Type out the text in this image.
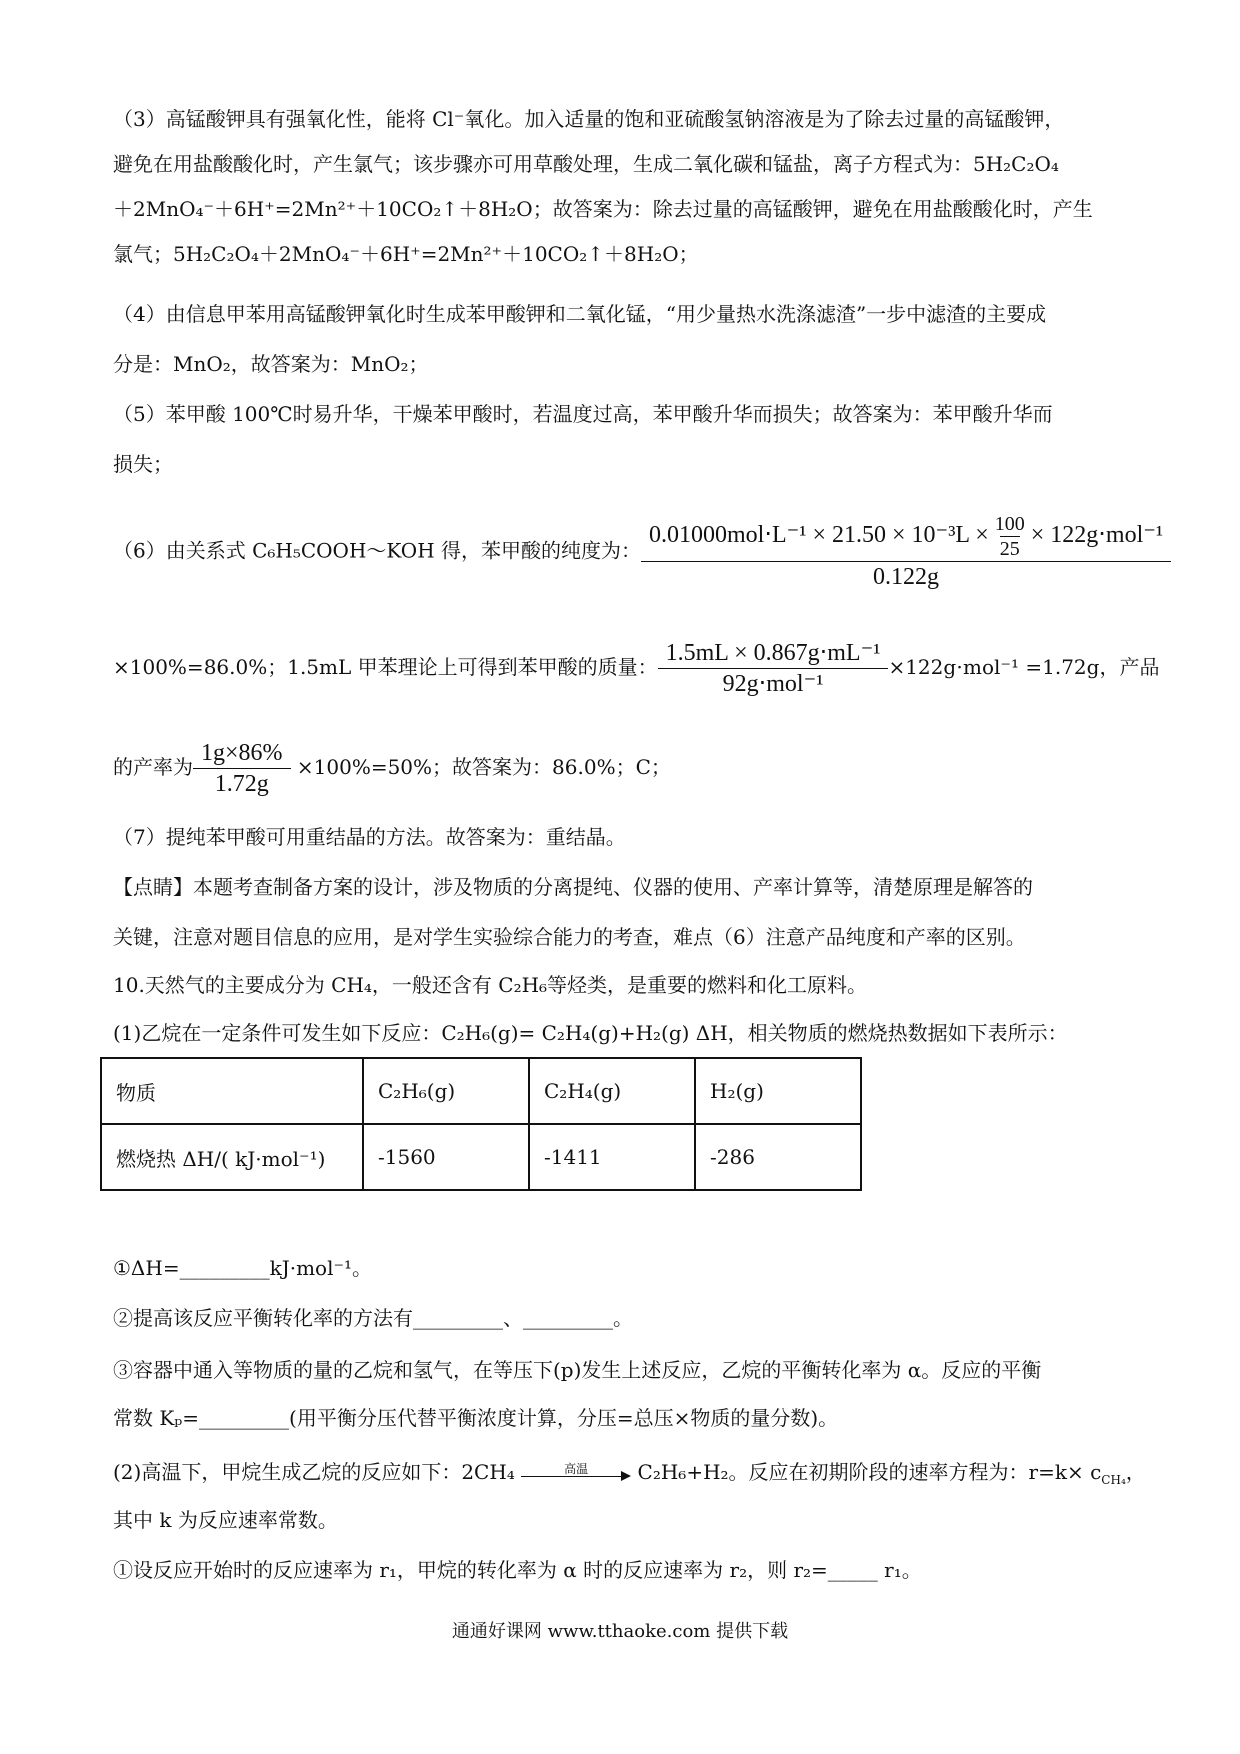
（3）高锰酸钾具有强氧化性，能将 Cl⁻氧化。加入适量的饱和亚硫酸氢钠溶液是为了除去过量的高锰酸钾，
避免在用盐酸酸化时，产生氯气；该步骤亦可用草酸处理，生成二氧化碳和锰盐，离子方程式为：5H₂C₂O₄
＋2MnO₄⁻＋6H⁺=2Mn²⁺＋10CO₂↑＋8H₂O；故答案为：除去过量的高锰酸钾，避免在用盐酸酸化时，产生
氯气；5H₂C₂O₄＋2MnO₄⁻＋6H⁺=2Mn²⁺＋10CO₂↑＋8H₂O；
（4）由信息甲苯用高锰酸钾氧化时生成苯甲酸钾和二氧化锰，“用少量热水洗涤滤渣”一步中滤渣的主要成
分是：MnO₂，故答案为：MnO₂；
（5）苯甲酸 100℃时易升华，干燥苯甲酸时，若温度过高，苯甲酸升华而损失；故答案为：苯甲酸升华而
损失；
（6）由关系式 C₆H₅COOH～KOH 得，苯甲酸的纯度为：
$0.01000mol\cdot L^{-1} \times 21.50 \times 10^{-3}L \times \frac{100}{25} \times 122g\cdot mol^{-1}$
0.122g
×100%=86.0%；1.5mL 甲苯理论上可得到苯甲酸的质量： $\frac{\text{1.5mL × 0.867g⋅mL⁻¹}}{\text{92g⋅mol⁻¹}} \times 122g\cdot mol^{-1} =1.72g$，产品
的产率为 $\frac{1g\times 86\%}{1.72g} \times 100\%=50\%$；故答案为：86.0%；C；
（7）提纯苯甲酸可用重结晶的方法。故答案为：重结晶。
【点睛】本题考查制备方案的设计，涉及物质的分离提纯、仪器的使用、产率计算等，清楚原理是解答的
关键，注意对题目信息的应用，是对学生实验综合能力的考查，难点（6）注意产品纯度和产率的区别。
10.天然气的主要成分为 CH₄，一般还含有 C₂H₆等烃类，是重要的燃料和化工原料。
(1)乙烷在一定条件可发生如下反应：C₂H₆(g)= C₂H₄(g)+H₂(g) ΔH，相关物质的燃烧热数据如下表所示：
物质	C₂H₆(g)	C₂H₄(g)	H₂(g)
燃烧热 ΔH/( kJ·mol⁻¹)	-1560	-1411	-286
①ΔH=_________kJ·mol⁻¹。
②提高该反应平衡转化率的方法有_________、_________。
③容器中通入等物质的量的乙烷和氢气，在等压下(p)发生上述反应，乙烷的平衡转化率为 α。反应的平衡
常数 Kₚ=_________(用平衡分压代替平衡浓度计算，分压=总压×物质的量分数)。
(2)高温下，甲烷生成乙烷的反应如下：2CH₄	高温	C₂H₆+H₂。反应在初期阶段的速率方程为：$r=k\times c_{CH_4}$，
其中 k 为反应速率常数。
①设反应开始时的反应速率为 r₁，甲烷的转化率为 α 时的反应速率为 r₂，则 r₂=_____ r₁。
通通好课网 www.tthaoke.com 提供下载
